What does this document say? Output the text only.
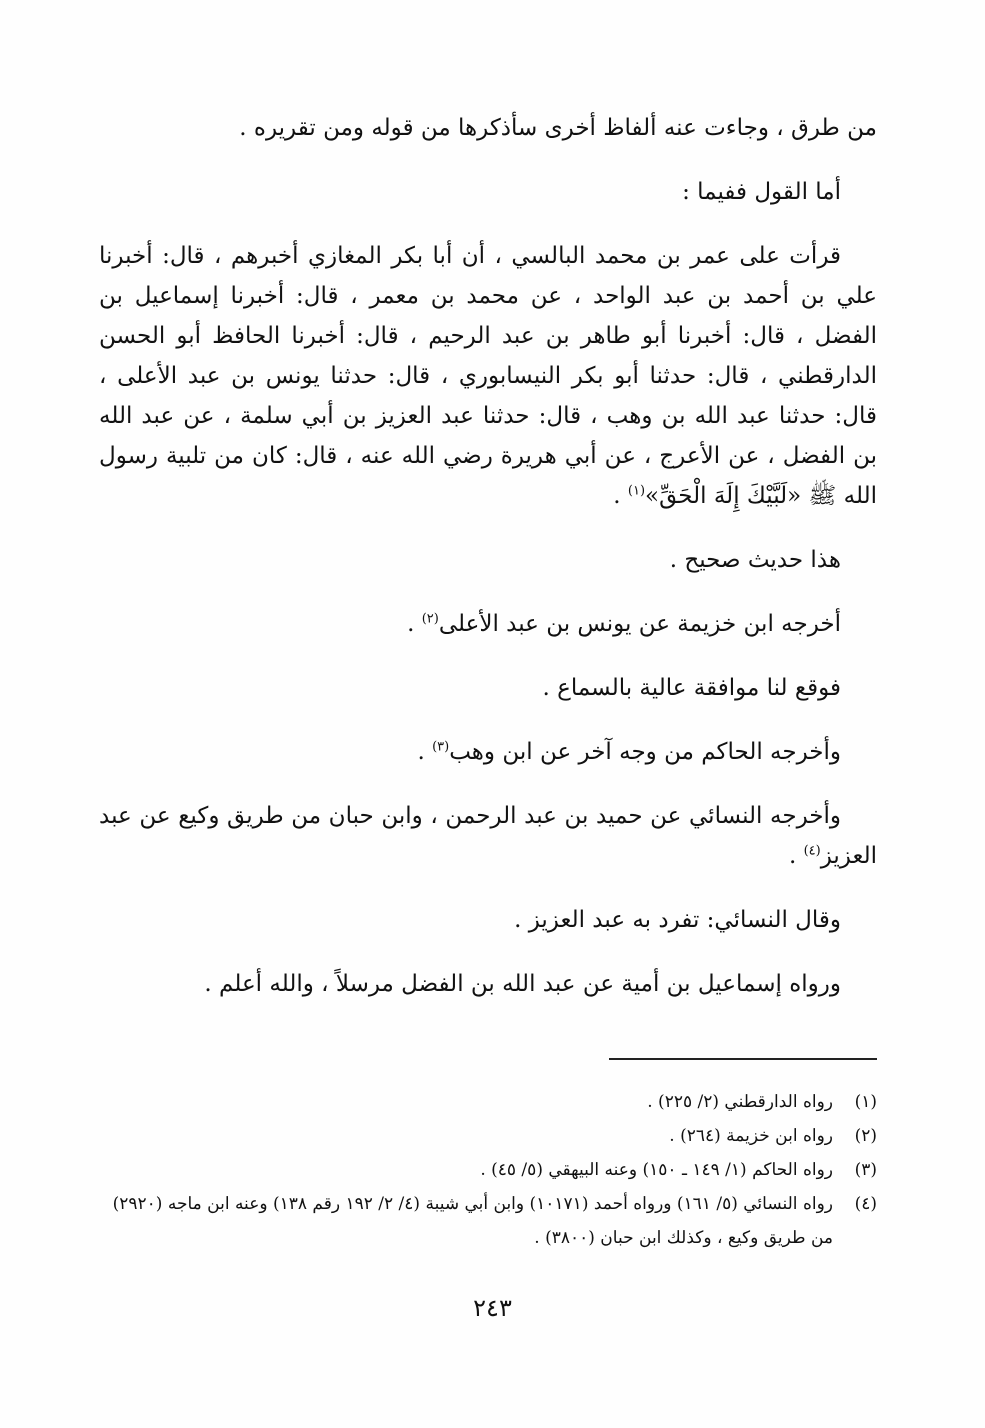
من طرق ، وجاءت عنه ألفاظ أخرى سأذكرها من قوله ومن تقريره .

أما القول ففيما :

قرأت على عمر بن محمد البالسي ، أن أبا بكر المغازي أخبرهم ، قال: أخبرنا علي بن أحمد بن عبد الواحد ، عن محمد بن معمر ، قال: أخبرنا إسماعيل بن الفضل ، قال: أخبرنا أبو طاهر بن عبد الرحيم ، قال: أخبرنا الحافظ أبو الحسن الدارقطني ، قال: حدثنا أبو بكر النيسابوري ، قال: حدثنا يونس بن عبد الأعلى ، قال: حدثنا عبد الله بن وهب ، قال: حدثنا عبد العزيز بن أبي سلمة ، عن عبد الله بن الفضل ، عن الأعرج ، عن أبي هريرة رضي الله عنه ، قال: كان من تلبية رسول الله ﷺ «لَبَّيْكَ إِلَهَ الْحَقِّ»$^{(١)}$ .

هذا حديث صحيح .

أخرجه ابن خزيمة عن يونس بن عبد الأعلى$^{(٢)}$ .

فوقع لنا موافقة عالية بالسماع .

وأخرجه الحاكم من وجه آخر عن ابن وهب$^{(٣)}$ .

وأخرجه النسائي عن حميد بن عبد الرحمن ، وابن حبان من طريق وكيع عن عبد العزيز$^{(٤)}$ .

وقال النسائي: تفرد به عبد العزيز .

ورواه إسماعيل بن أمية عن عبد الله بن الفضل مرسلاً ، والله أعلم .

(١)
رواه الدارقطني (٢/ ٢٢٥) .
(٢)
رواه ابن خزيمة (٢٦٤) .
(٣)
رواه الحاكم (١/ ١٤٩ ـ ١٥٠) وعنه البيهقي (٥/ ٤٥) .
(٤)
رواه النسائي (٥/ ١٦١) ورواه أحمد (١٠١٧١) وابن أبي شيبة (٤/ ٢/ ١٩٢ رقم ١٣٨) وعنه ابن ماجه (٢٩٢٠) من طريق وكيع ، وكذلك ابن حبان (٣٨٠٠) .
٢٤٣
